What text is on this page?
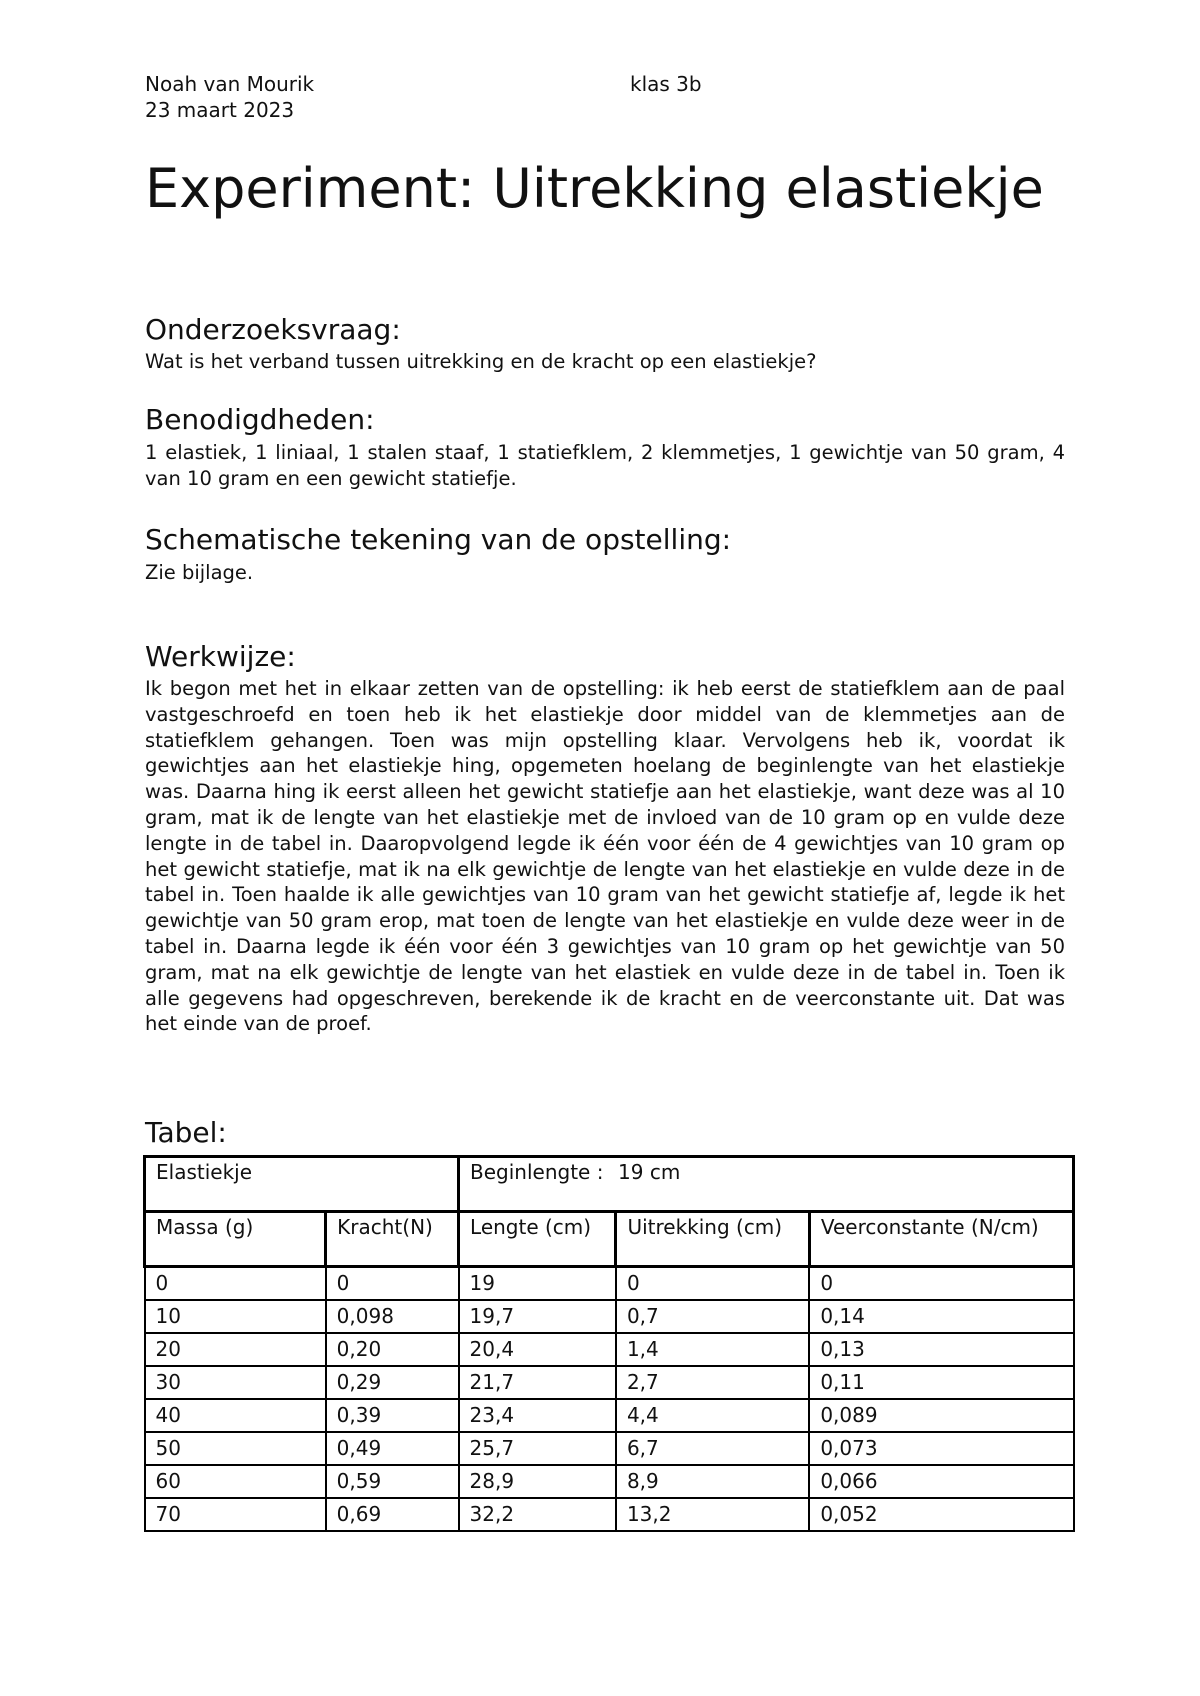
Noah van Mourik	klas 3b
23 maart 2023
Experiment: Uitrekking elastiekje
Onderzoeksvraag:

Wat is het verband tussen uitrekking en de kracht op een elastiekje?

Benodigdheden:

1 elastiek, 1 liniaal, 1 stalen staaf, 1 statiefklem, 2 klemmetjes, 1 gewichtje van 50 gram, 4 van 10 gram en een gewicht statiefje.

Schematische tekening van de opstelling:

Zie bijlage.

Werkwijze:

Ik begon met het in elkaar zetten van de opstelling: ik heb eerst de statiefklem aan de paal vastgeschroefd en toen heb ik het elastiekje door middel van de klemmetjes aan de statiefklem gehangen. Toen was mijn opstelling klaar. Vervolgens heb ik, voordat ik gewichtjes aan het elastiekje hing, opgemeten hoelang de beginlengte van het elastiekje was. Daarna hing ik eerst alleen het gewicht statiefje aan het elastiekje, want deze was al 10 gram, mat ik de lengte van het elastiekje met de invloed van de 10 gram op en vulde deze lengte in de tabel in. Daaropvolgend legde ik één voor één de 4 gewichtjes van 10 gram op het gewicht statiefje, mat ik na elk gewichtje de lengte van het elastiekje en vulde deze in de tabel in. Toen haalde ik alle gewichtjes van 10 gram van het gewicht statiefje af, legde ik het gewichtje van 50 gram erop, mat toen de lengte van het elastiekje en vulde deze weer in de tabel in. Daarna legde ik één voor één 3 gewichtjes van 10 gram op het gewichtje van 50 gram, mat na elk gewichtje de lengte van het elastiek en vulde deze in de tabel in. Toen ik alle gegevens had opgeschreven, berekende ik de kracht en de veerconstante uit. Dat was het einde van de proef.

Tabel:
Elastiekje		Beginlengte : 19 cm		
Massa (g)	Kracht(N)	Lengte (cm)	Uitrekking (cm)	Veerconstante (N/cm)
0	0	19	0	0
10	0,098	19,7	0,7	0,14
20	0,20	20,4	1,4	0,13
30	0,29	21,7	2,7	0,11
40	0,39	23,4	4,4	0,089
50	0,49	25,7	6,7	0,073
60	0,59	28,9	8,9	0,066
70	0,69	32,2	13,2	0,052
